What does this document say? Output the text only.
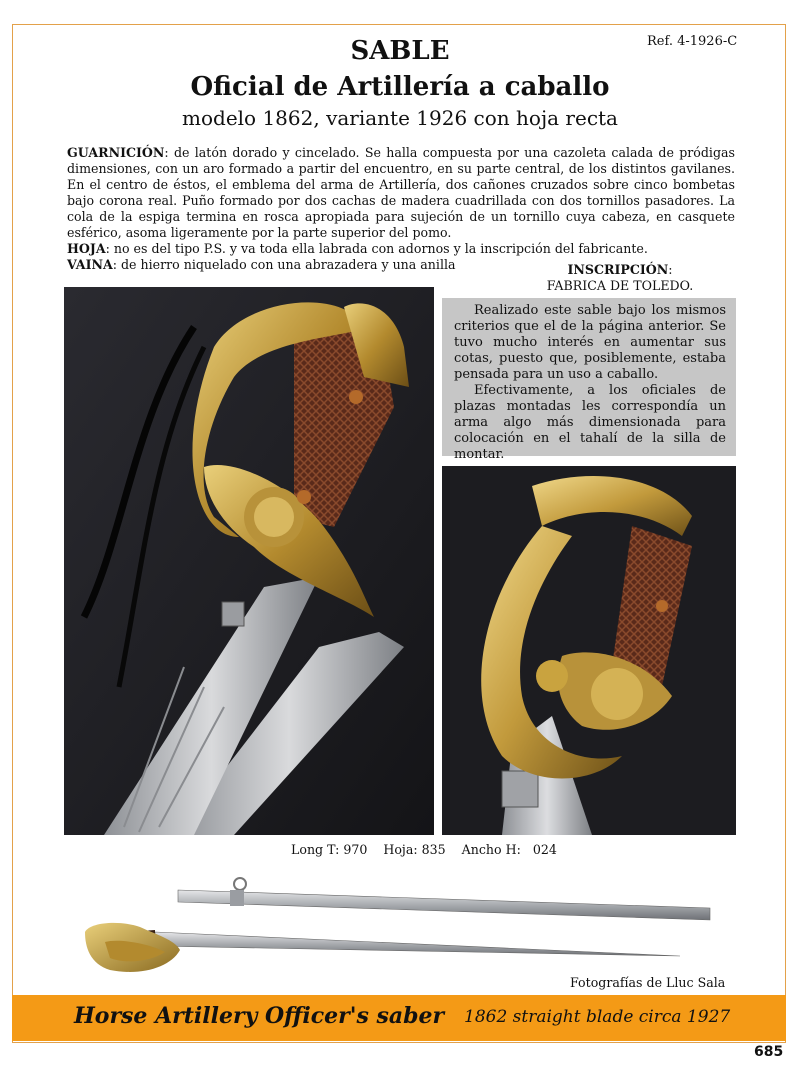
Ref. 4-1926-C
SABLE
Oficial de Artillería a caballo
modelo 1862, variante 1926 con hoja recta

GUARNICIÓN: de latón dorado y cincelado. Se halla compuesta por una cazoleta calada de pródigas dimensiones, con un aro formado a partir del encuentro, en su parte central, de los distintos gavilanes. En el centro de éstos, el emblema del arma de Artillería, dos cañones cruzados sobre cinco bombetas bajo corona real. Puño formado por dos cachas de madera cuadrillada con dos tornillos pasadores. La cola de la espiga termina en rosca apropiada para sujeción de un tornillo cuya cabeza, en casquete esférico, asoma ligeramente por la parte superior del pomo.

HOJA: no es del tipo P.S. y va toda ella labrada con adornos y la inscripción del fabricante.

VAINA: de hierro niquelado con una abrazadera y una anilla	INSCRIPCIÓN:
FABRICA DE TOLEDO.

Realizado este sable bajo los mismos criterios que el de la página anterior. Se tuvo mucho interés en aumentar sus cotas, puesto que, posiblemente, estaba pensada para un uso a caballo.

Efectivamente, a los oficiales de plazas montadas les correspondía un arma algo más dimensionada para colocación en el tahalí de la silla de montar.

Long T: 970    Hoja: 835    Ancho H:   024
Fotografías de Lluc Sala
Horse Artillery Officer's saber 1862 straight blade circa 1927
685
